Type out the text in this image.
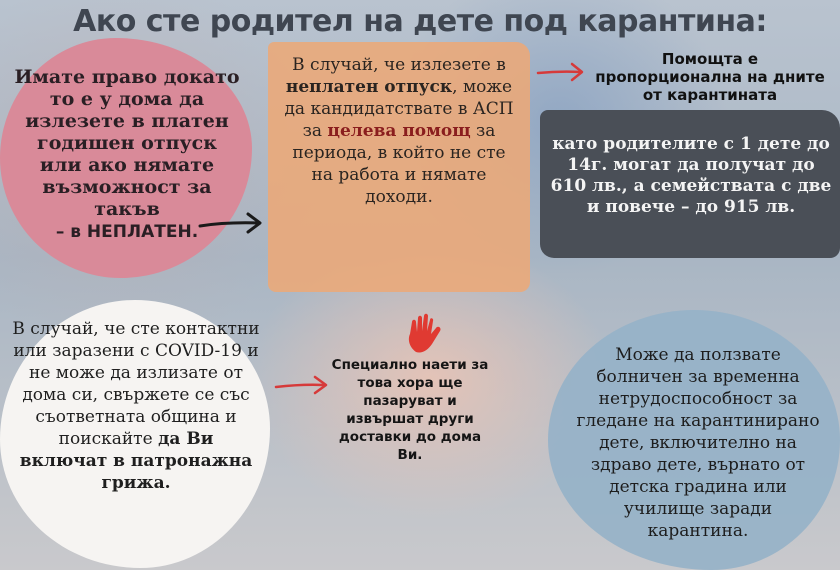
Ако сте родител на дете под карантина:
Имате право докато то е у дома да излезете в платен годишен отпуск или ако нямате възможност за такъв
– в НЕПЛАТЕН.
В случай, че излезете в неплатен отпуск, може да кандидатствате в АСП за целева помощ за периода, в който не сте на работа и нямате доходи.
Помощта е пропорционална на дните от карантината
като родителите с 1 дете до 14г. могат да получат до 610 лв., а семействата с две и повече – до 915 лв.
В случай, че сте контактни или заразени с COVID-19 и не може да излизате от дома си, свържете се със съответната община и поискайте да Ви включат в патронажна грижа.
Специално наети за това хора ще пазаруват и извършат други доставки до дома Ви.
Може да ползвате болничен за временна нетрудоспособност за гледане на карантинирано дете, включително на здраво дете, върнато от детска градина или училище заради карантина.
